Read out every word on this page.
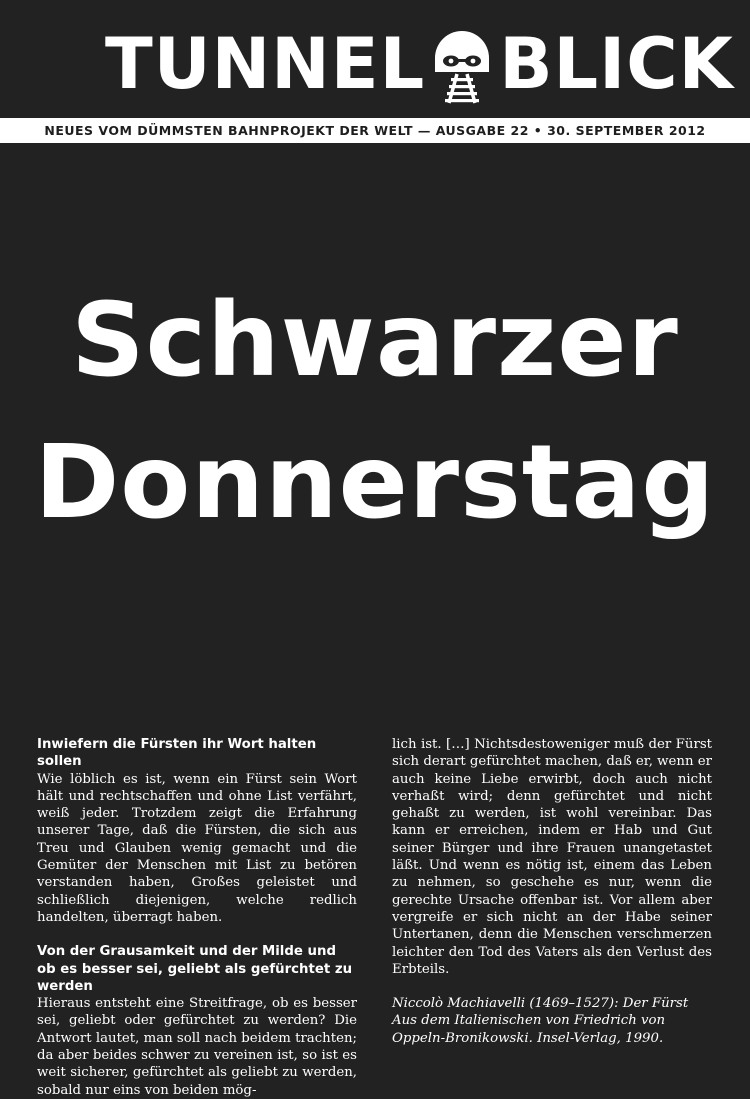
TUNNEL BLICK
NEUES VOM DÜMMSTEN BAHNPROJEKT DER WELT — AUSGABE 22 • 30. SEPTEMBER 2012
Schwarzer
Donnerstag
Inwiefern die Fürsten ihr Wort halten sollen

Wie löblich es ist, wenn ein Fürst sein Wort hält und rechtschaffen und ohne List verfährt, weiß jeder. Trotzdem zeigt die Erfahrung unserer Tage, daß die Fürsten, die sich aus Treu und Glauben wenig gemacht und die Gemüter der Menschen mit List zu betören verstanden haben, Großes geleistet und schließlich diejenigen, welche redlich handelten, überragt haben.

Von der Grausamkeit und der Milde und ob es besser sei, geliebt als gefürchtet zu werden

Hieraus entsteht eine Streitfrage, ob es besser sei, geliebt oder gefürchtet zu werden? Die Antwort lautet, man soll nach beidem trachten; da aber beides schwer zu vereinen ist, so ist es weit sicherer, gefürchtet als geliebt zu werden, sobald nur eins von beiden mög-

lich ist. […] Nichtsdestoweniger muß der Fürst sich derart gefürchtet machen, daß er, wenn er auch keine Liebe erwirbt, doch auch nicht verhaßt wird; denn gefürchtet und nicht gehaßt zu werden, ist wohl vereinbar. Das kann er erreichen, indem er Hab und Gut seiner Bürger und ihre Frauen unangetastet läßt. Und wenn es nötig ist, einem das Leben zu nehmen, so geschehe es nur, wenn die gerechte Ursache offenbar ist. Vor allem aber vergreife er sich nicht an der Habe seiner Untertanen, denn die Menschen verschmerzen leichter den Tod des Vaters als den Verlust des Erbteils.

Niccolò Machiavelli (1469–1527): Der Fürst
Aus dem Italienischen von Friedrich von
Oppeln-Bronikowski. Insel-Verlag, 1990.
